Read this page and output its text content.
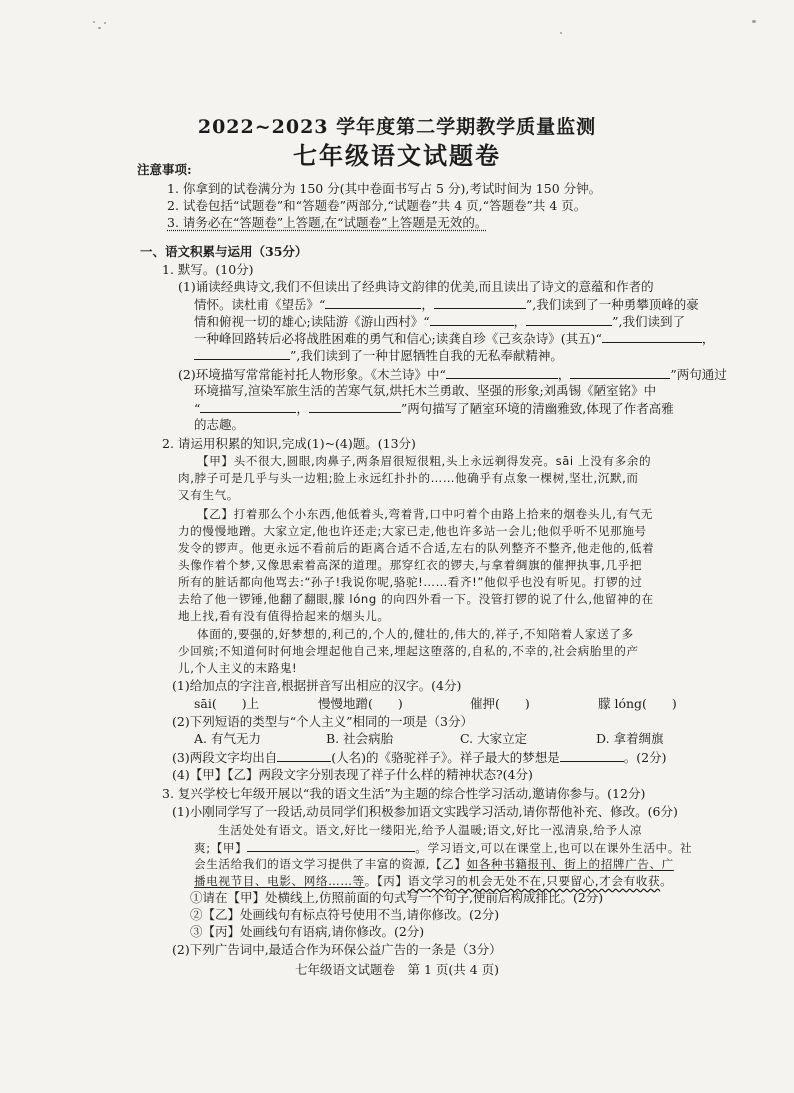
2022~2023 学年度第二学期教学质量监测
七年级语文试题卷
注意事项:
1. 你拿到的试卷满分为 150 分(其中卷面书写占 5 分),考试时间为 150 分钟。
2. 试卷包括“试题卷”和“答题卷”两部分,“试题卷”共 4 页,“答题卷”共 4 页。
3. 请务必在“答题卷”上答题,在“试题卷”上答题是无效的。
一、语文积累与运用（35分）
1. 默写。(10分)
(1)诵读经典诗文,我们不但读出了经典诗文韵律的优美,而且读出了诗文的意蕴和作者的
情怀。读杜甫《望岳》“	，	”,我们读到了一种勇攀顶峰的豪
情和俯视一切的雄心;读陆游《游山西村》“	，	”,我们读到了
一种峰回路转后必将战胜困难的勇气和信心;读龚自珍《己亥杂诗》(其五)“	，
”,我们读到了一种甘愿牺牲自我的无私奉献精神。
(2)环境描写常常能衬托人物形象。《木兰诗》中“	，	”两句通过
环境描写,渲染军旅生活的苦寒气氛,烘托木兰勇敢、坚强的形象;刘禹锡《陋室铭》中
“	，	”两句描写了陋室环境的清幽雅致,体现了作者高雅
的志趣。
2. 请运用积累的知识,完成(1)~(4)题。(13分)
【甲】头不很大,圆眼,肉鼻子,两条眉很短很粗,头上永远剃得发亮。sāi 上没有多余的
肉,脖子可是几乎与头一边粗;脸上永远红扑扑的……他确乎有点象一棵树,坚壮,沉默,而
又有生气。
【乙】打着那么个小东西,他低着头,弯着背,口中叼着个由路上拾来的烟卷头儿,有气无
力的慢慢地蹭。大家立定,他也许还走;大家已走,他也许多站一会儿;他似乎听不见那施号
发令的锣声。他更永远不看前后的距离合适不合适,左右的队列整齐不整齐,他走他的,低着
头像作着个梦,又像思索着高深的道理。那穿红衣的锣夫,与拿着绸旗的催押执事,几乎把
所有的脏话都向他骂去:“孙子!我说你呢,骆驼!……看齐!”他似乎也没有听见。打锣的过
去给了他一锣锤,他翻了翻眼,朦 lóng 的向四外看一下。没管打锣的说了什么,他留神的在
地上找,看有没有值得拾起来的烟头儿。
体面的,要强的,好梦想的,利己的,个人的,健壮的,伟大的,祥子,不知陪着人家送了多
少回殡;不知道何时何地会埋起他自己来,埋起这堕落的,自私的,不幸的,社会病胎里的产
儿,个人主义的末路鬼!
(1)给加点的字注音,根据拼音写出相应的汉字。(4分)
sāi(　　)上	慢慢地蹭(　　)	催押(　　)	朦 lóng(　　)
(2)下列短语的类型与“个人主义”相同的一项是（3分）
A. 有气无力	B. 社会病胎	C. 大家立定	D. 拿着绸旗
(3)两段文字均出自	(人名)的《骆驼祥子》。祥子最大的梦想是	。(2分)
(4)【甲】【乙】两段文字分别表现了祥子什么样的精神状态?(4分)
3. 复兴学校七年级开展以“我的语文生活”为主题的综合性学习活动,邀请你参与。(12分)
(1)小刚同学写了一段话,动员同学们积极参加语文实践学习活动,请你帮他补充、修改。(6分)
生活处处有语文。语文,好比一缕阳光,给予人温暖;语文,好比一泓清泉,给予人凉
爽;【甲】	。学习语文,可以在课堂上,也可以在课外生活中。社
会生活给我们的语文学习提供了丰富的资源,【乙】如各种书籍报刊、街上的招牌广告、广
播电视节目、电影、网络……等。【丙】语文学习的机会无处不在,只要留心,才会有收获。
①请在【甲】处横线上,仿照前面的句式写一个句子,使前后构成排比。(2分)
②【乙】处画线句有标点符号使用不当,请你修改。(2分)
③【丙】处画线句有语病,请你修改。(2分)
(2)下列广告词中,最适合作为环保公益广告的一条是（3分）
七年级语文试题卷　第 1 页(共 4 页)
